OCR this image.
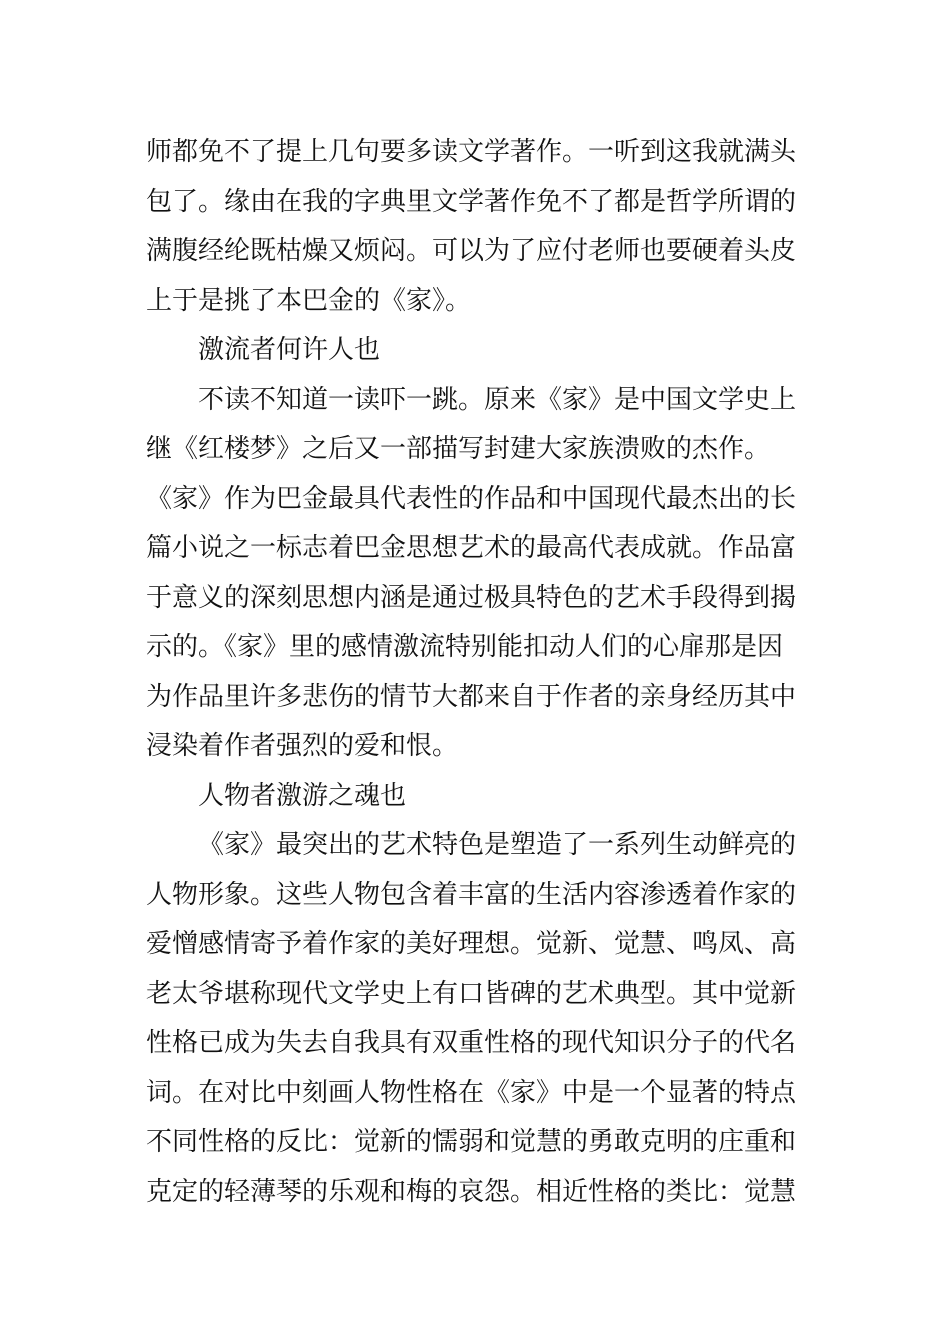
师都免不了提上几句要多读文学著作。一听到这我就满头
包了。缘由在我的字典里文学著作免不了都是哲学所谓的
满腹经纶既枯燥又烦闷。可以为了应付老师也要硬着头皮
上于是挑了本巴金的《家》。
激流者何许人也
不读不知道一读吓一跳。原来《家》是中国文学史上
继《红楼梦》之后又一部描写封建大家族溃败的杰作。
《家》作为巴金最具代表性的作品和中国现代最杰出的长
篇小说之一标志着巴金思想艺术的最高代表成就。作品富
于意义的深刻思想内涵是通过极具特色的艺术手段得到揭
示的。《家》里的感情激流特别能扣动人们的心扉那是因
为作品里许多悲伤的情节大都来自于作者的亲身经历其中
浸染着作者强烈的爱和恨。
人物者激游之魂也
《家》最突出的艺术特色是塑造了一系列生动鲜亮的
人物形象。这些人物包含着丰富的生活内容渗透着作家的
爱憎感情寄予着作家的美好理想。觉新、觉慧、鸣凤、高
老太爷堪称现代文学史上有口皆碑的艺术典型。其中觉新
性格已成为失去自我具有双重性格的现代知识分子的代名
词。在对比中刻画人物性格在《家》中是一个显著的特点
不同性格的反比：觉新的懦弱和觉慧的勇敢克明的庄重和
克定的轻薄琴的乐观和梅的哀怨。相近性格的类比：觉慧
